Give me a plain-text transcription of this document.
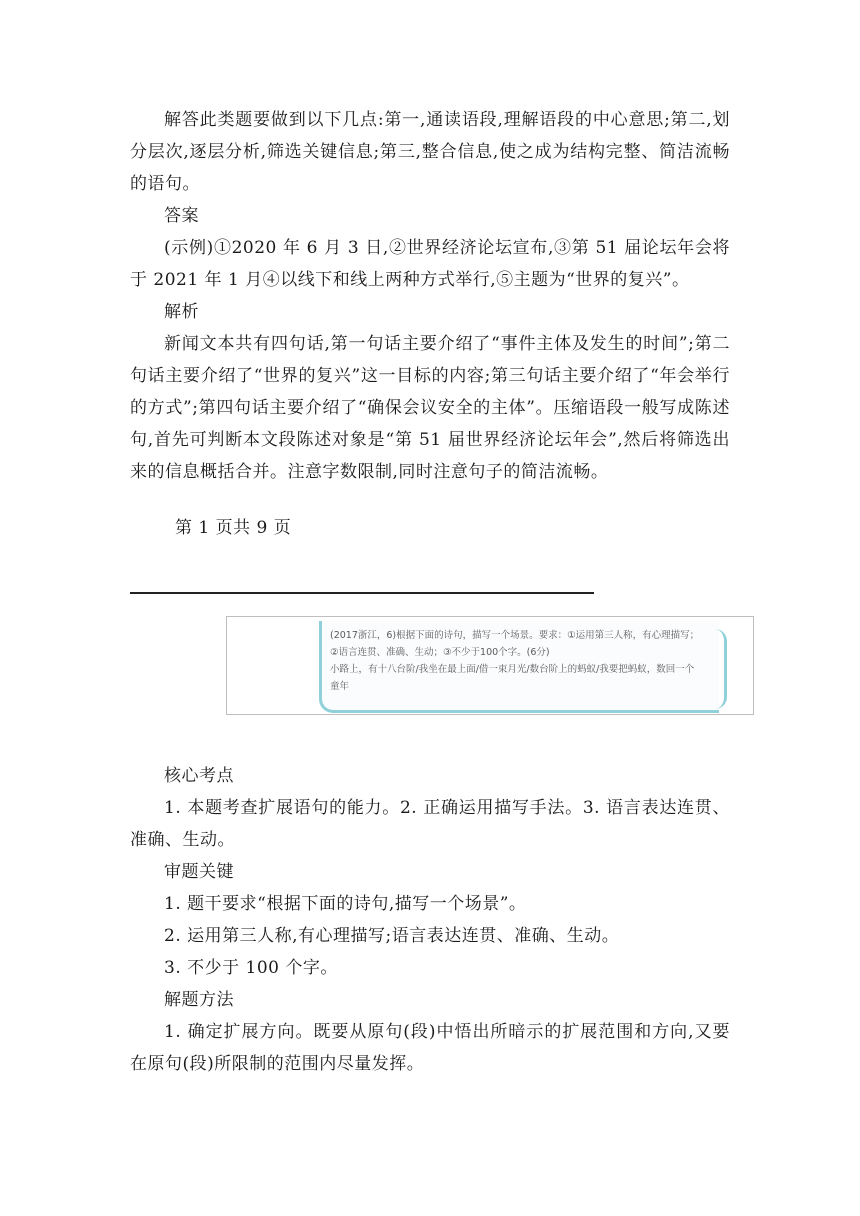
解答此类题要做到以下几点:第一,通读语段,理解语段的中心意思;第二,划分层次,逐层分析,筛选关键信息;第三,整合信息,使之成为结构完整、简洁流畅的语句。

答案

(示例)①2020 年 6 月 3 日,②世界经济论坛宣布,③第 51 届论坛年会将于 2021 年 1 月④以线下和线上两种方式举行,⑤主题为“世界的复兴”。

解析

新闻文本共有四句话,第一句话主要介绍了“事件主体及发生的时间”;第二句话主要介绍了“世界的复兴”这一目标的内容;第三句话主要介绍了“年会举行的方式”;第四句话主要介绍了“确保会议安全的主体”。压缩语段一般写成陈述句,首先可判断本文段陈述对象是“第 51 届世界经济论坛年会”,然后将筛选出来的信息概括合并。注意字数限制,同时注意句子的简洁流畅。

第 1 页共 9 页

(2017浙江，6)根据下面的诗句，描写一个场景。要求：①运用第三人称，有心理描写；

②语言连贯、准确、生动；③不少于100个字。(6分)

小路上，有十八台阶/我坐在最上面/借一束月光/数台阶上的蚂蚁/我要把蚂蚁，数回一个

童年

核心考点

1. 本题考查扩展语句的能力。2. 正确运用描写手法。3. 语言表达连贯、准确、生动。

审题关键

1. 题干要求“根据下面的诗句,描写一个场景”。

2. 运用第三人称,有心理描写;语言表达连贯、准确、生动。

3. 不少于 100 个字。

解题方法

1. 确定扩展方向。既要从原句(段)中悟出所暗示的扩展范围和方向,又要在原句(段)所限制的范围内尽量发挥。
